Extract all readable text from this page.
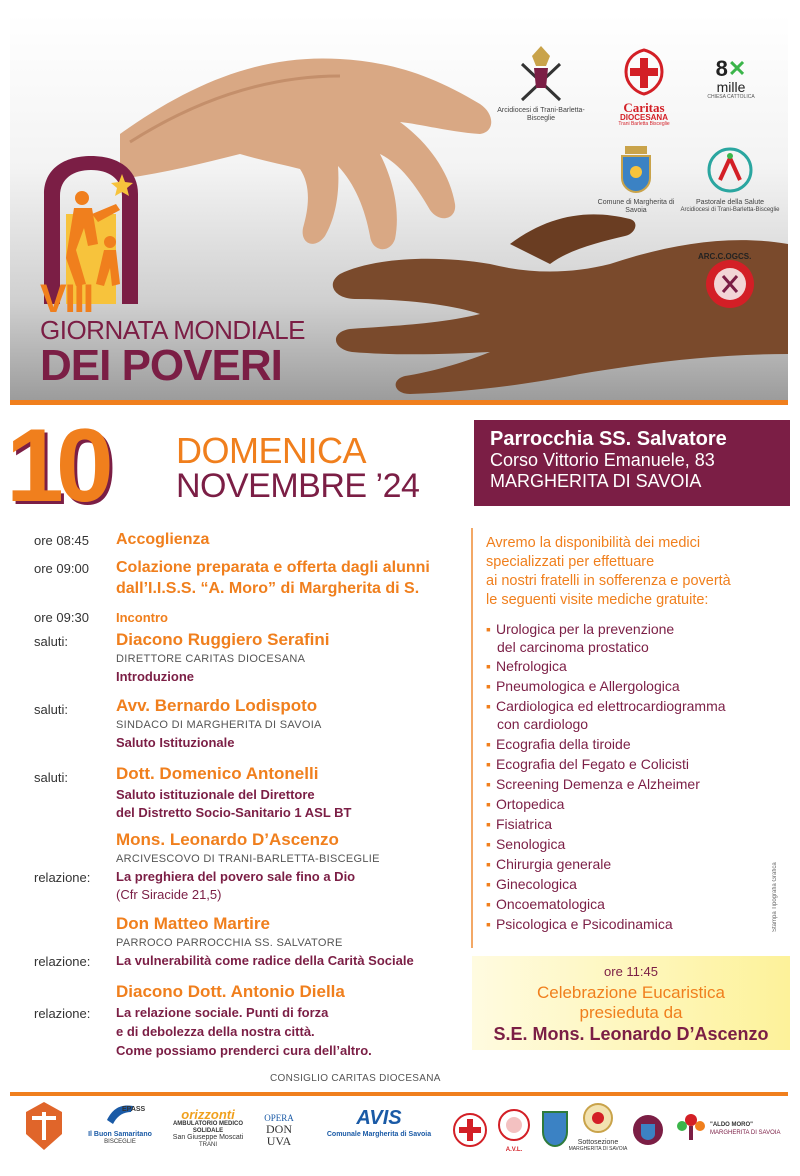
VIII
GIORNATA MONDIALE
DEI POVERI
Arcidiocesi di Trani-Barletta-Bisceglie
Caritas
DIOCESANA
Trani Barletta Bisceglie
8✕
mille
CHIESA CATTOLICA
Comune di Margherita di Savoia
Pastorale della Salute
Arcidiocesi di Trani-Barletta-Bisceglie
ARC.C.OGCS.
10 DOMENICA
NOVEMBRE ’24
Parrocchia SS. Salvatore
Corso Vittorio Emanuele, 83
MARGHERITA DI SAVOIA
ore 08:45 Accoglienza
ore 09:00 Colazione preparata e offerta dagli alunni
dall’I.I.S.S. “A. Moro” di Margherita di S.
ore 09:30 Incontro
saluti:	Diacono Ruggiero Serafini
DIRETTORE CARITAS DIOCESANA
Introduzione
saluti:	Avv. Bernardo Lodispoto
SINDACO DI MARGHERITA DI SAVOIA
Saluto Istituzionale
saluti:	Dott. Domenico Antonelli
Saluto istituzionale del Direttore
del Distretto Socio-Sanitario 1 ASL BT
Mons. Leonardo D’Ascenzo
ARCIVESCOVO DI TRANI-BARLETTA-BISCEGLIE
relazione: La preghiera del povero sale fino a Dio
(Cfr Siracide 21,5)
Don Matteo Martire
PARROCO PARROCCHIA SS. SALVATORE
relazione: La vulnerabilità come radice della Carità Sociale
Diacono Dott. Antonio Diella
relazione: La relazione sociale. Punti di forza
e di debolezza della nostra città.
Come possiamo prenderci cura dell’altro.
CONSIGLIO CARITAS DIOCESANA
Avremo la disponibilità dei medici
specializzati per effettuare
ai nostri fratelli in sofferenza e povertà
le seguenti visite mediche gratuite:
▪ Urologica per la prevenzione
del carcinoma prostatico
▪ Nefrologica
▪ Pneumologica e Allergologica
▪ Cardiologica ed elettrocardiogramma
con cardiologo
▪ Ecografia della tiroide
▪ Ecografia del Fegato e Colicisti
▪ Screening Demenza e Alzheimer
▪ Ortopedica
▪ Fisiatrica
▪ Senologica
▪ Chirurgia generale
▪ Ginecologica
▪ Oncoematologica
▪ Psicologica e Psicodinamica	Stampa Tipografia Grafica
ore 11:45
Celebrazione Eucaristica
presieduta da
S.E. Mons. Leonardo D’Ascenzo
EPASS
Il Buon Samaritano
BISCEGLIE
orizzonti
AMBULATORIO MEDICO SOLIDALE
San Giuseppe Moscati
TRANI
OPERA
DON UVA
AVIS
Comunale Margherita di Savoia
A.V.L.
Sottosezione
MARGHERITA DI SAVOIA
"ALDO MORO"
MARGHERITA DI SAVOIA
